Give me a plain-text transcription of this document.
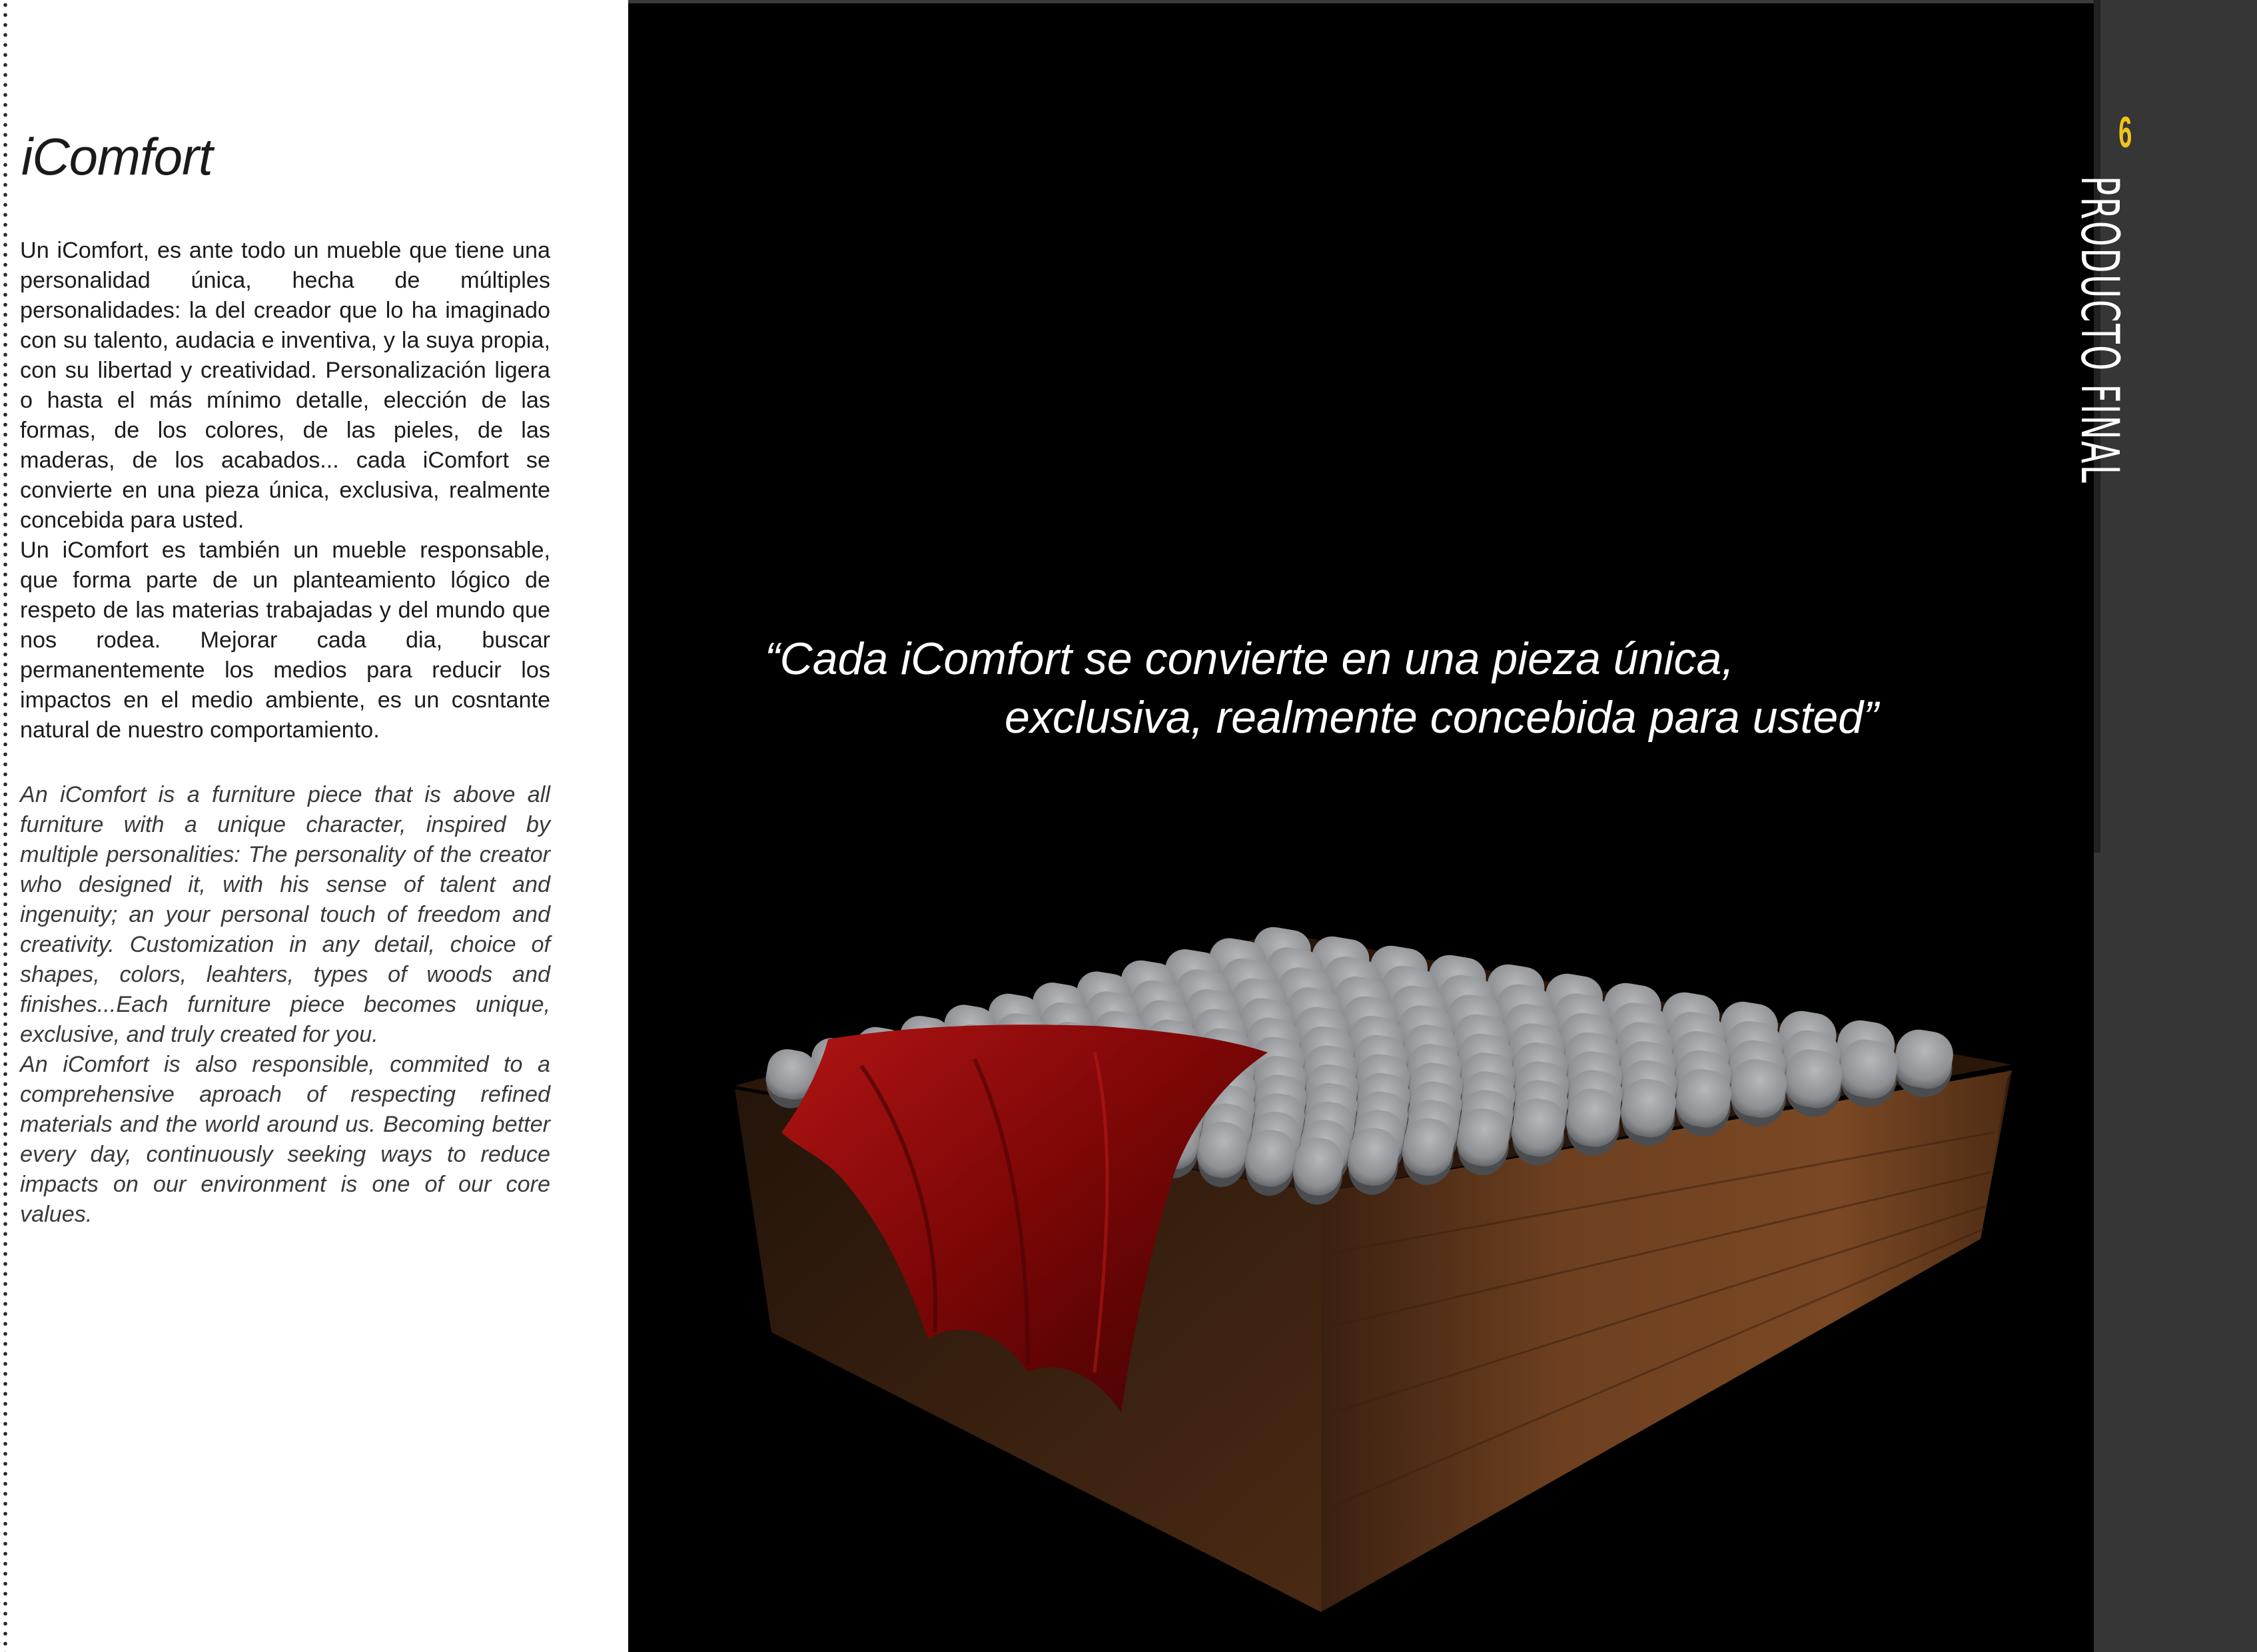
iComfort

Un iComfort, es ante todo un mueble que tiene una personalidad única, hecha de múltiples personalidades: la del creador que lo ha imaginado con su talento, audacia e inventiva, y la suya propia, con su libertad y creatividad. Personalización ligera o hasta el más mínimo detalle, elección de las formas, de los colores, de las pieles, de las maderas, de los acabados... cada iComfort se convierte en una pieza única, exclusiva, realmente concebida para usted.

Un iComfort es también un mueble responsable, que forma parte de un planteamiento lógico de respeto de las materias trabajadas y del mundo que nos rodea. Mejorar cada dia, buscar permanentemente los medios para reducir los impactos en el medio ambiente, es un cosntante natural de nuestro comportamiento.

An iComfort is a furniture piece that is above all furniture with a unique character, inspired by multiple personalities: The personality of the creator who designed it, with his sense of talent and ingenuity; an your personal touch of freedom and creativity. Customization in any detail, choice of shapes, colors, leahters, types of woods and finishes...Each furniture piece becomes unique, exclusive, and truly created for you.

An iComfort is also responsible, commited to a comprehensive aproach of respecting refined materials and the world around us. Becoming better every day, continuously seeking ways to reduce impacts on our environment is one of our core values.

“Cada iComfort se convierte en una pieza única,
exclusiva, realmente concebida para usted”
6
PRODUCTO FINAL
